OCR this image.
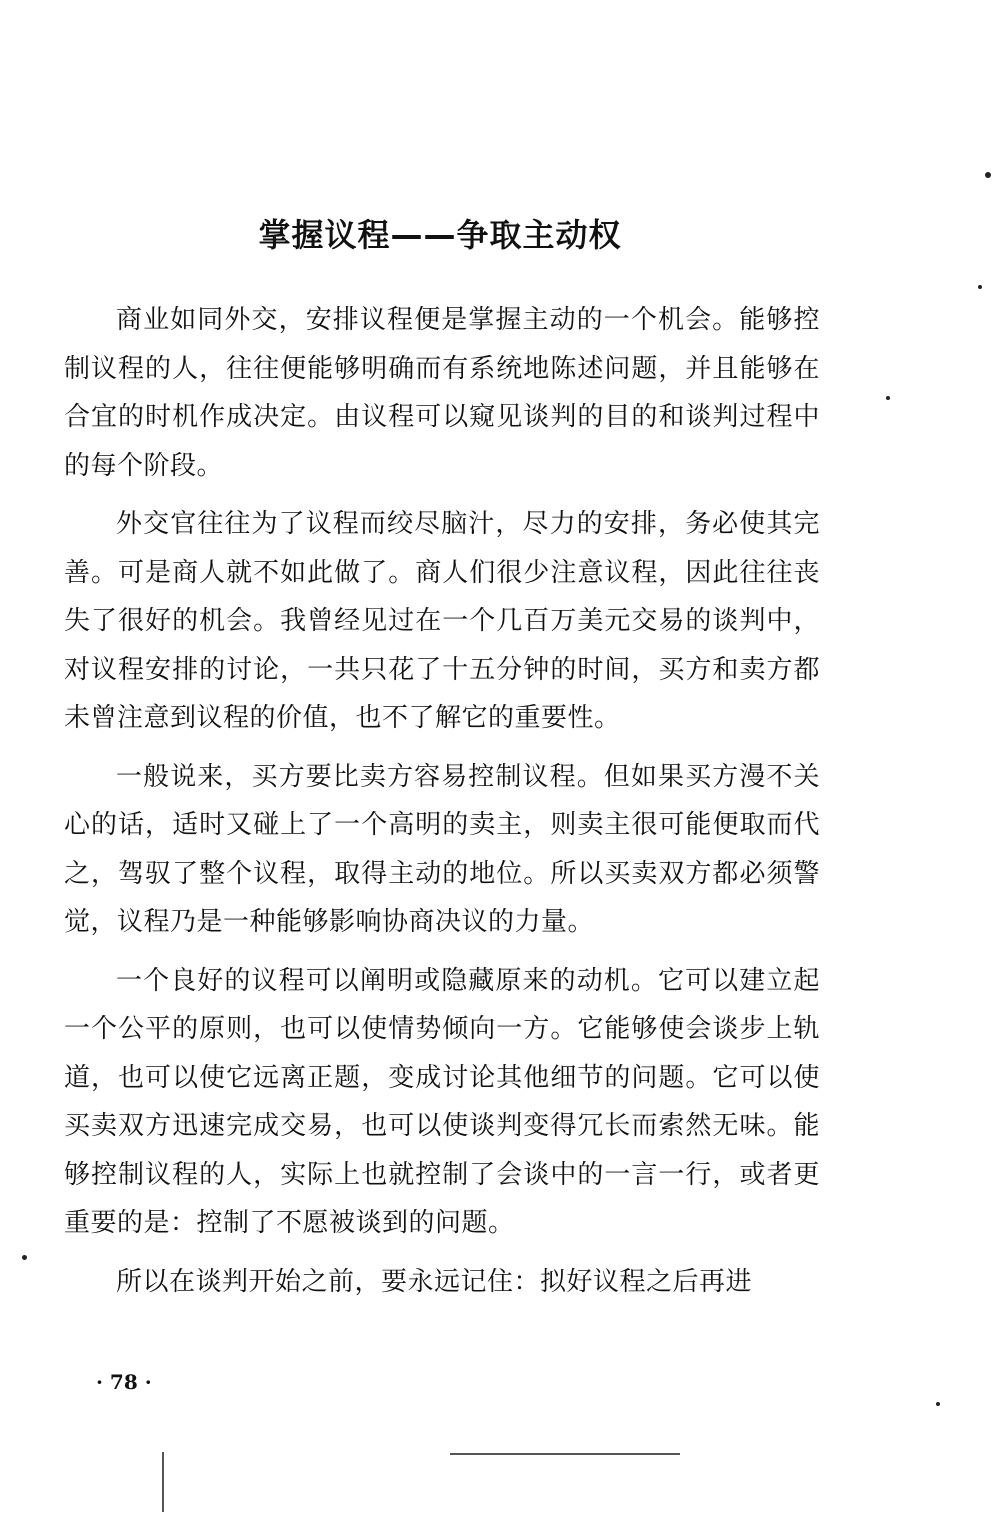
掌握议程——争取主动权

商业如同外交，安排议程便是掌握主动的一个机会。能够控制议程的人，往往便能够明确而有系统地陈述问题，并且能够在合宜的时机作成决定。由议程可以窥见谈判的目的和谈判过程中的每个阶段。

外交官往往为了议程而绞尽脑汁，尽力的安排，务必使其完善。可是商人就不如此做了。商人们很少注意议程，因此往往丧失了很好的机会。我曾经见过在一个几百万美元交易的谈判中，对议程安排的讨论，一共只花了十五分钟的时间，买方和卖方都未曾注意到议程的价值，也不了解它的重要性。

一般说来，买方要比卖方容易控制议程。但如果买方漫不关心的话，适时又碰上了一个高明的卖主，则卖主很可能便取而代之，驾驭了整个议程，取得主动的地位。所以买卖双方都必须警觉，议程乃是一种能够影响协商决议的力量。

一个良好的议程可以阐明或隐藏原来的动机。它可以建立起一个公平的原则，也可以使情势倾向一方。它能够使会谈步上轨道，也可以使它远离正题，变成讨论其他细节的问题。它可以使买卖双方迅速完成交易，也可以使谈判变得冗长而索然无味。能够控制议程的人，实际上也就控制了会谈中的一言一行，或者更重要的是：控制了不愿被谈到的问题。

所以在谈判开始之前，要永远记住：拟好议程之后再进

· 78 ·
